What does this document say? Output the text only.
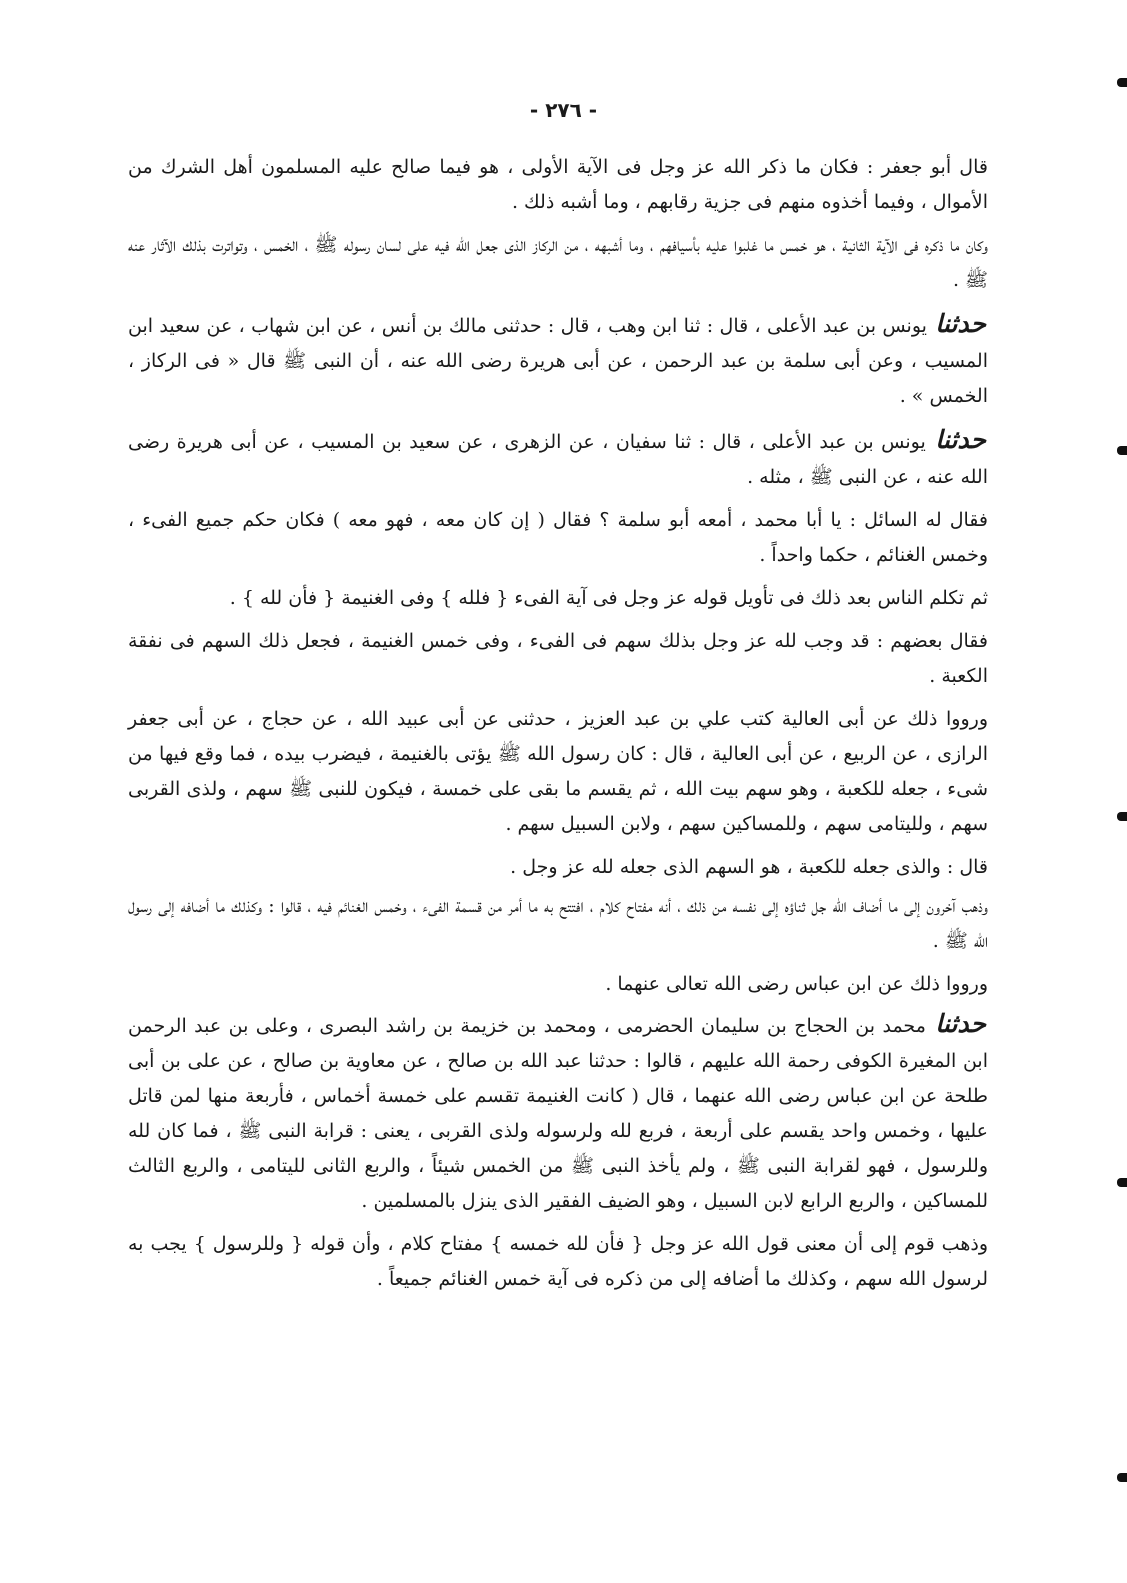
- ٢٧٦ -

قال أبو جعفر : فكان ما ذكر الله عز وجل فى الآية الأولى ، هو فيما صالح عليه المسلمون أهل الشرك من الأموال ، وفيما أخذوه منهم فى جزية رقابهم ، وما أشبه ذلك .

وكان ما ذكره فى الآية الثانية ، هو خمس ما غلبوا عليه بأسيافهم ، وما أشبهه ، من الركاز الذى جعل الله فيه على لسان رسوله ﷺ ، الخمس ، وتواترت بذلك الآثار عنه ﷺ .

حدثنا يونس بن عبد الأعلى ، قال : ثنا ابن وهب ، قال : حدثنى مالك بن أنس ، عن ابن شهاب ، عن سعيد ابن المسيب ، وعن أبى سلمة بن عبد الرحمن ، عن أبى هريرة رضى الله عنه ، أن النبى ﷺ قال « فى الركاز ، الخمس » .

حدثنا يونس بن عبد الأعلى ، قال : ثنا سفيان ، عن الزهرى ، عن سعيد بن المسيب ، عن أبى هريرة رضى الله عنه ، عن النبى ﷺ ، مثله .

فقال له السائل : يا أبا محمد ، أمعه أبو سلمة ؟ فقال ( إن كان معه ، فهو معه ) فكان حكم جميع الفىء ، وخمس الغنائم ، حكما واحداً .

ثم تكلم الناس بعد ذلك فى تأويل قوله عز وجل فى آية الفىء { فلله } وفى الغنيمة { فأن لله } .

فقال بعضهم : قد وجب لله عز وجل بذلك سهم فى الفىء ، وفى خمس الغنيمة ، فجعل ذلك السهم فى نفقة الكعبة .

ورووا ذلك عن أبى العالية كتب علي بن عبد العزيز ، حدثنى عن أبى عبيد الله ، عن حجاج ، عن أبى جعفر الرازى ، عن الربيع ، عن أبى العالية ، قال : كان رسول الله ﷺ يؤتى بالغنيمة ، فيضرب بيده ، فما وقع فيها من شىء ، جعله للكعبة ، وهو سهم بيت الله ، ثم يقسم ما بقى على خمسة ، فيكون للنبى ﷺ سهم ، ولذى القربى سهم ، ولليتامى سهم ، وللمساكين سهم ، ولابن السبيل سهم .

قال : والذى جعله للكعبة ، هو السهم الذى جعله لله عز وجل .

وذهب آخرون إلى ما أضاف الله جل ثناؤه إلى نفسه من ذلك ، أنه مفتاح كلام ، افتتح به ما أمر من قسمة الفىء ، وخمس الغنائم فيه ، قالوا : وكذلك ما أضافه إلى رسول الله ﷺ .

ورووا ذلك عن ابن عباس رضى الله تعالى عنهما .

حدثنا محمد بن الحجاج بن سليمان الحضرمى ، ومحمد بن خزيمة بن راشد البصرى ، وعلى بن عبد الرحمن ابن المغيرة الكوفى رحمة الله عليهم ، قالوا : حدثنا عبد الله بن صالح ، عن معاوية بن صالح ، عن على بن أبى طلحة عن ابن عباس رضى الله عنهما ، قال ( كانت الغنيمة تقسم على خمسة أخماس ، فأربعة منها لمن قاتل عليها ، وخمس واحد يقسم على أربعة ، فربع لله ولرسوله ولذى القربى ، يعنى : قرابة النبى ﷺ ، فما كان لله وللرسول ، فهو لقرابة النبى ﷺ ، ولم يأخذ النبى ﷺ من الخمس شيئاً ، والربع الثانى لليتامى ، والربع الثالث للمساكين ، والربع الرابع لابن السبيل ، وهو الضيف الفقير الذى ينزل بالمسلمين .

وذهب قوم إلى أن معنى قول الله عز وجل { فأن لله خمسه } مفتاح كلام ، وأن قوله { وللرسول } يجب به لرسول الله سهم ، وكذلك ما أضافه إلى من ذكره فى آية خمس الغنائم جميعاً .
